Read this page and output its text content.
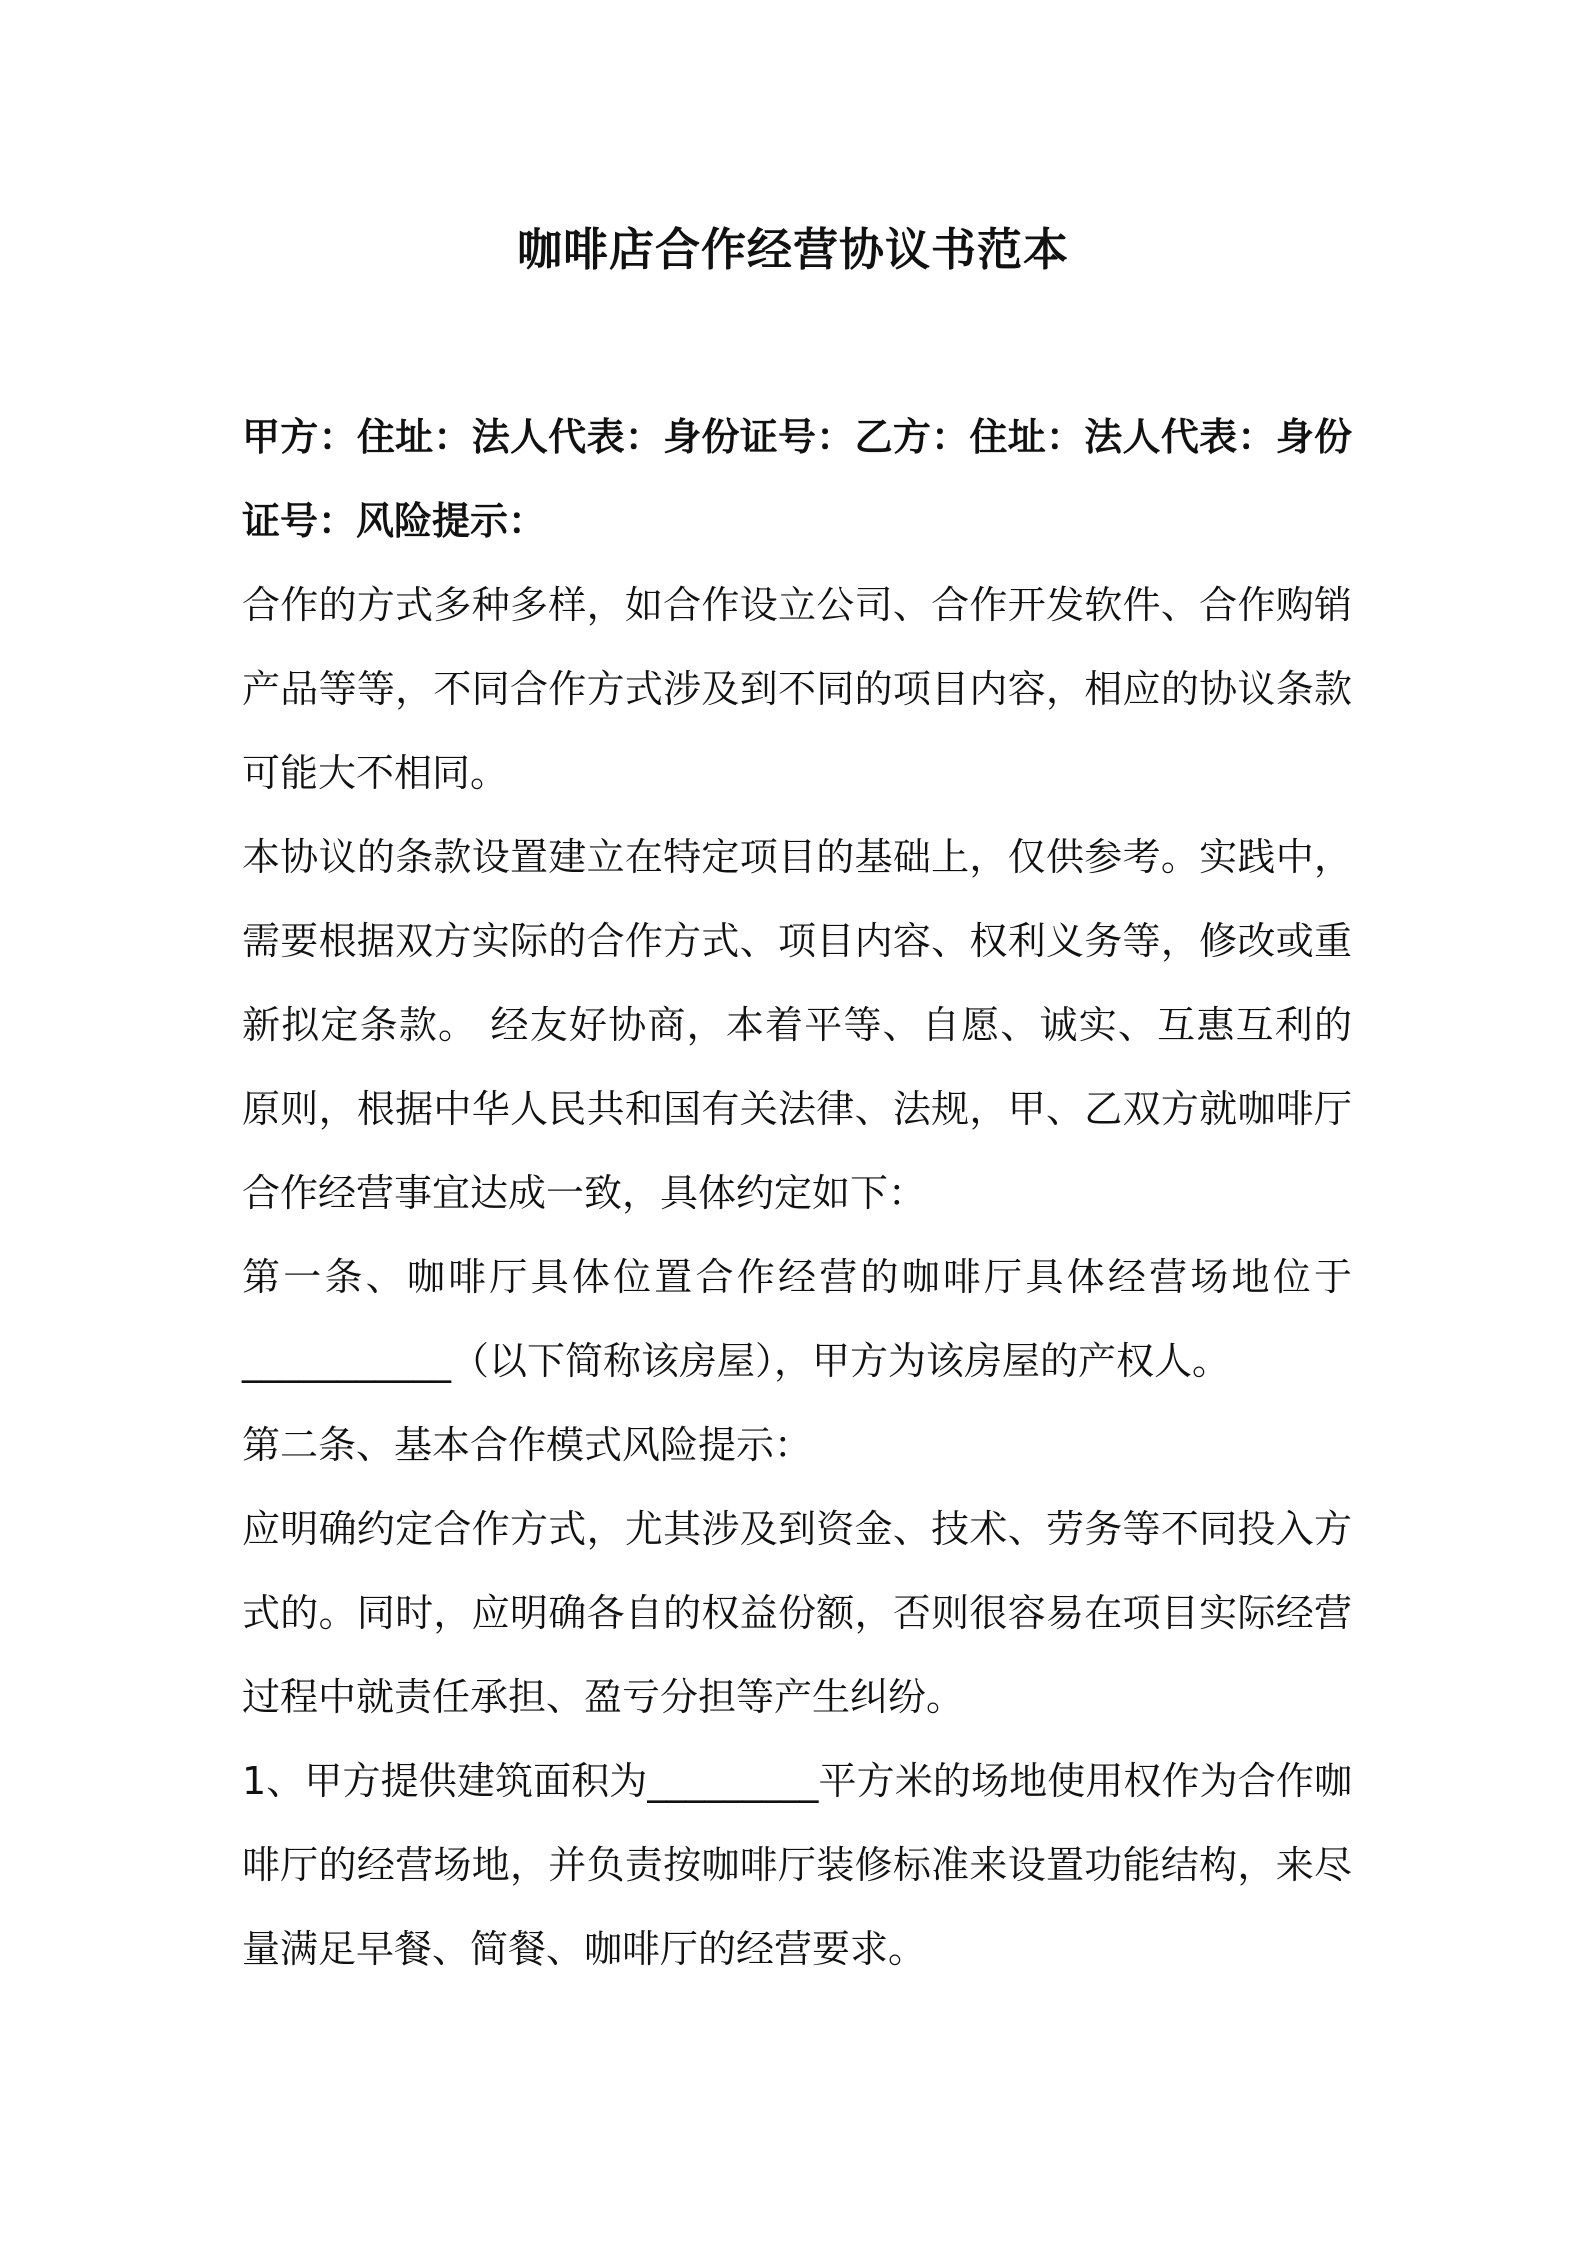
咖啡店合作经营协议书范本

甲方：住址：法人代表：身份证号：乙方：住址：法人代表：身份证号：风险提示：

合作的方式多种多样，如合作设立公司、合作开发软件、合作购销产品等等，不同合作方式涉及到不同的项目内容，相应的协议条款可能大不相同。

本协议的条款设置建立在特定项目的基础上，仅供参考。实践中，需要根据双方实际的合作方式、项目内容、权利义务等，修改或重新拟定条款。 经友好协商，本着平等、自愿、诚实、互惠互利的原则，根据中华人民共和国有关法律、法规，甲、乙双方就咖啡厅合作经营事宜达成一致，具体约定如下：

第一条、咖啡厅具体位置合作经营的咖啡厅具体经营场地位于___________（以下简称该房屋），甲方为该房屋的产权人。

第二条、基本合作模式风险提示：

应明确约定合作方式，尤其涉及到资金、技术、劳务等不同投入方式的。同时，应明确各自的权益份额，否则很容易在项目实际经营过程中就责任承担、盈亏分担等产生纠纷。

1、甲方提供建筑面积为_________平方米的场地使用权作为合作咖啡厅的经营场地，并负责按咖啡厅装修标准来设置功能结构，来尽量满足早餐、简餐、咖啡厅的经营要求。
